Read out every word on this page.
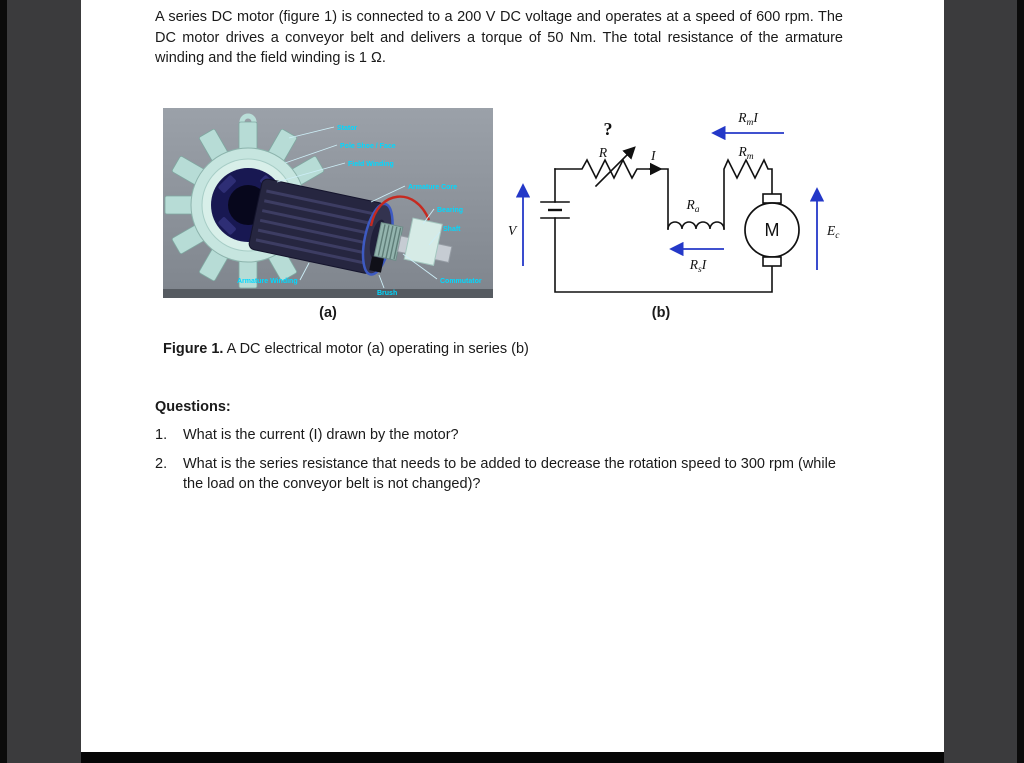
A series DC motor (figure 1) is connected to a 200 V DC voltage and operates at a speed of 600 rpm. The DC motor drives a conveyor belt and delivers a torque of 50 Nm. The total resistance of the armature winding and the field winding is 1 Ω.

Stator
Pole Shoe / Face
Field Winding
Armature Core
Bearing
Shaft
Commutator
Brush
Armature Winding
?
R	I
V
$R_mI$
$R_m$
$R_a$
$R_sI$
$E_c$
M
(a)	(b)

Figure 1. A DC electrical motor (a) operating in series (b)

Questions:

1.	What is the current (I) drawn by the motor?
2.	What is the series resistance that needs to be added to decrease the rotation speed to 300 rpm (while the load on the conveyor belt is not changed)?
